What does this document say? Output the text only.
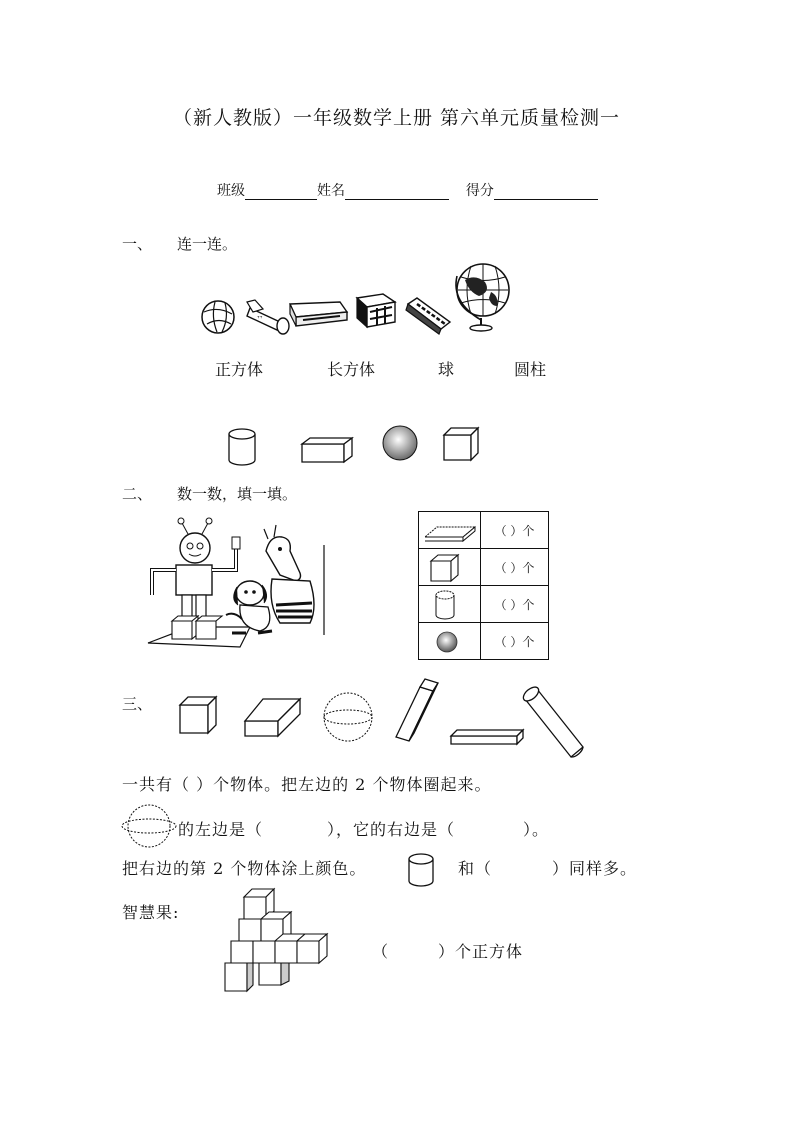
（新人教版）一年级数学上册 第六单元质量检测一
班级	姓名	得分
一、 连一连。
ᐪᐪ
正方体	长方体	球	圆柱
二、 数一数，填一填。
	（ ）个

	（ ）个

	（ ）个

	（ ）个
三、
一共有（ ）个物体。把左边的 2 个物体圈起来。
的左边是（	），它的右边是（	）。
把右边的第 2 个物体涂上颜色。	和（	）同样多。
智慧果:
（	）个正方体
